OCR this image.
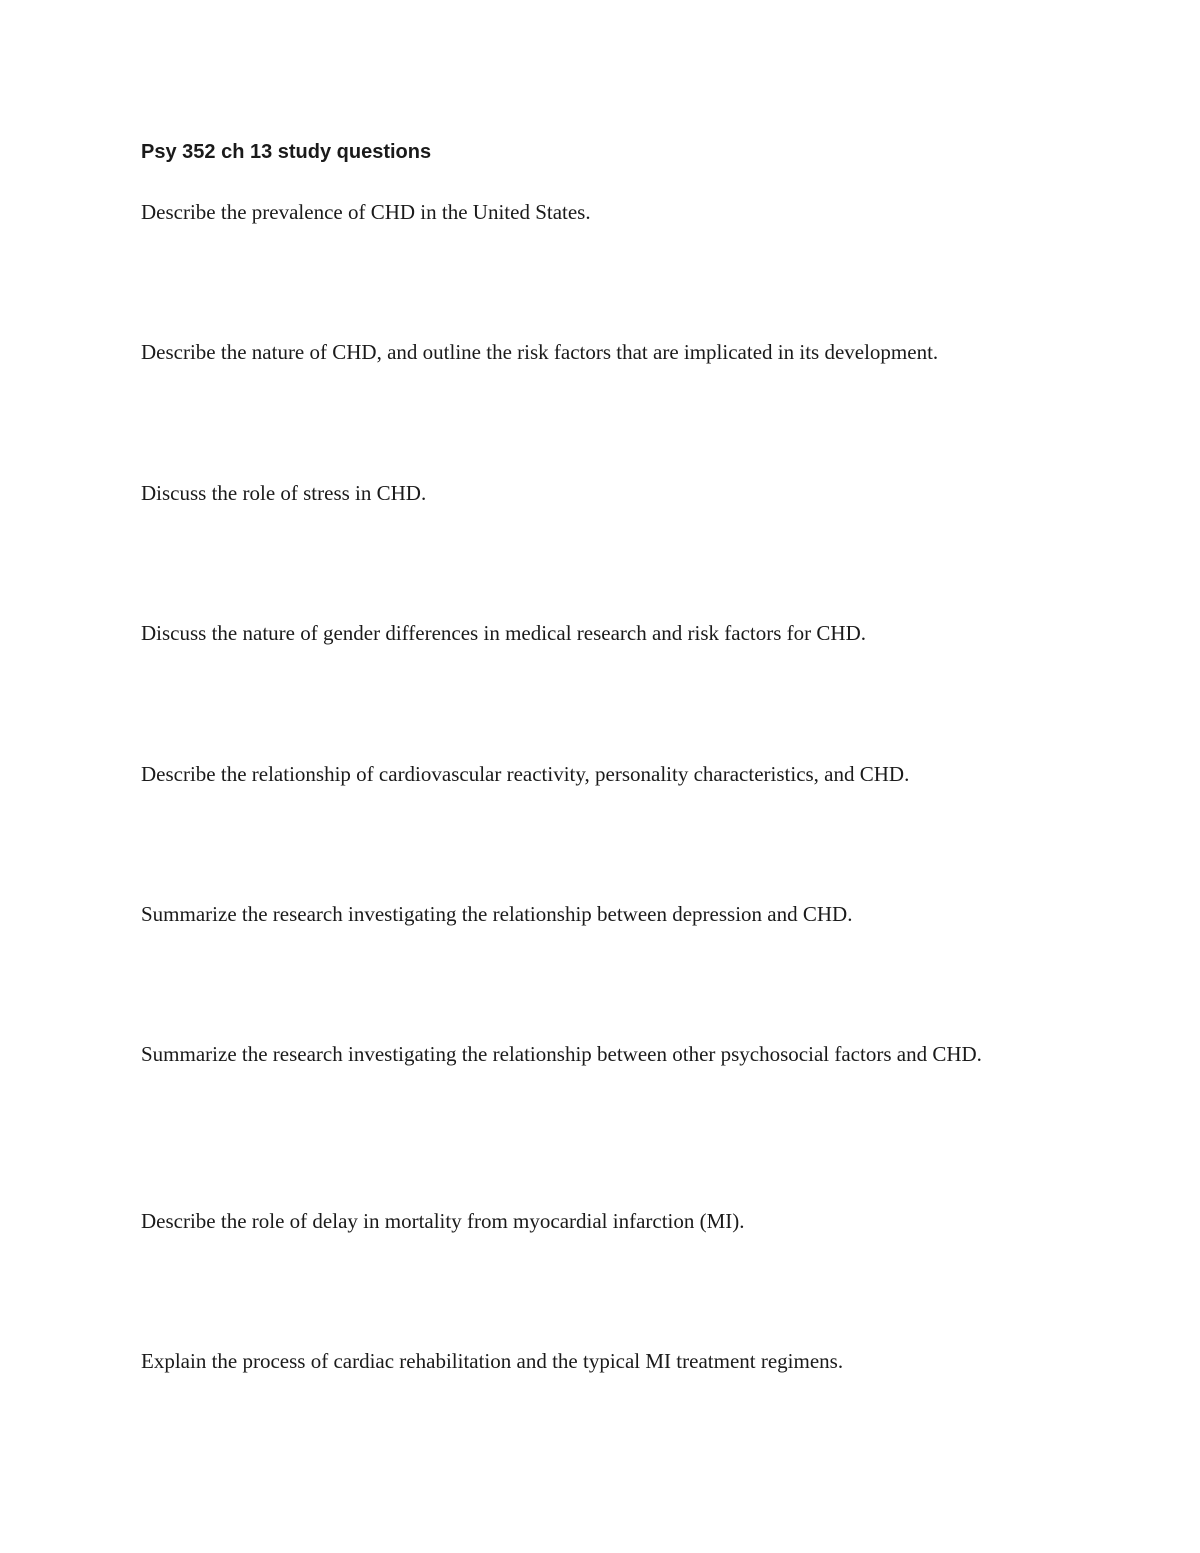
Psy 352 ch 13 study questions

Describe the prevalence of CHD in the United States.

Describe the nature of CHD, and outline the risk factors that are implicated in its development.

Discuss the role of stress in CHD.

Discuss the nature of gender differences in medical research and risk factors for CHD.

Describe the relationship of cardiovascular reactivity, personality characteristics, and CHD.

Summarize the research investigating the relationship between depression and CHD.

Summarize the research investigating the relationship between other psychosocial factors and CHD.

Describe the role of delay in mortality from myocardial infarction (MI).

Explain the process of cardiac rehabilitation and the typical MI treatment regimens.
